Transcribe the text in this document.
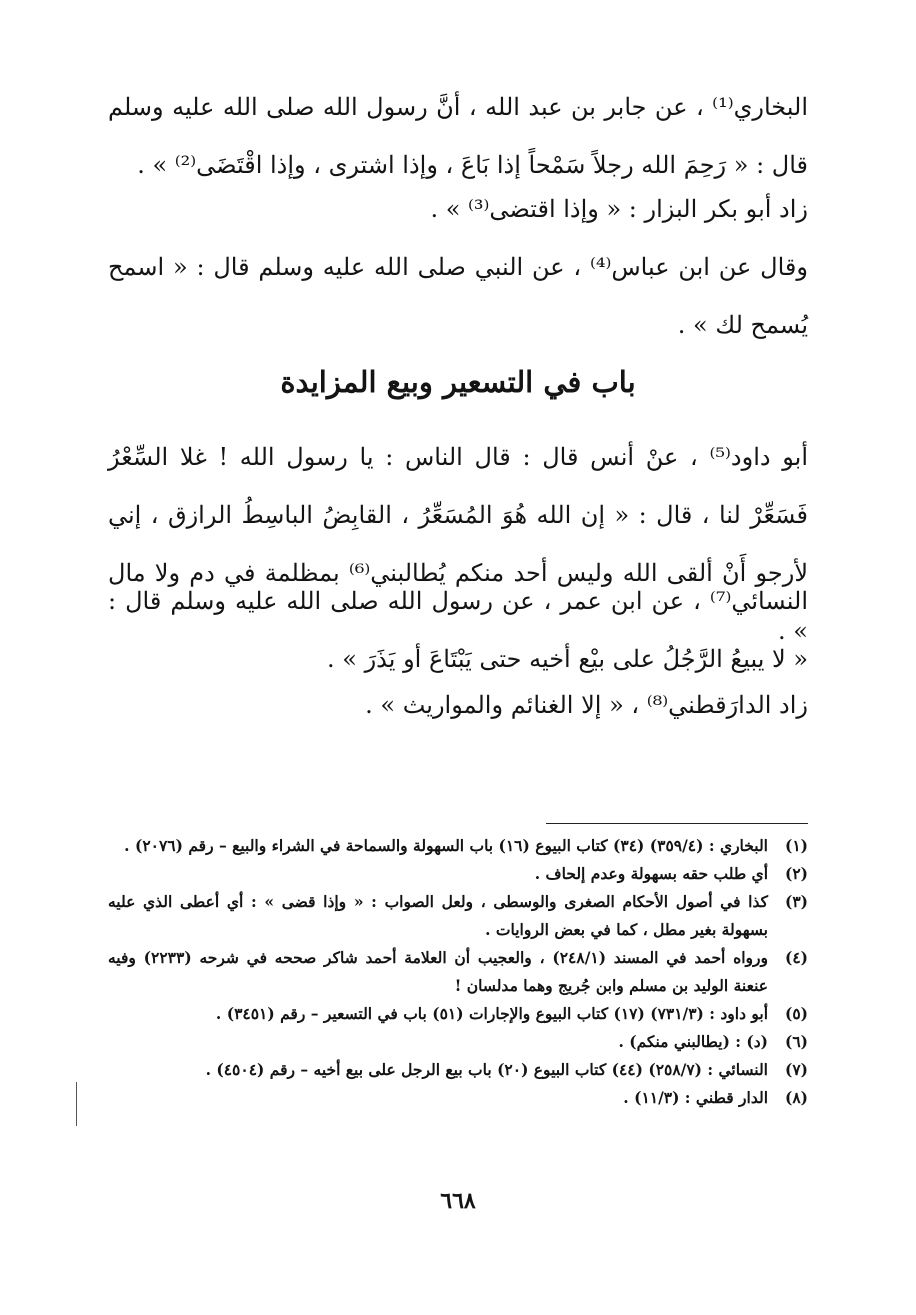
البخاري⁽¹⁾ ، عن جابر بن عبد الله ، أنَّ رسول الله صلى الله عليه وسلم قال : « رَحِمَ الله رجلاً سَمْحاً إذا بَاعَ ، وإذا اشترى ، وإذا اقْتَضَى⁽²⁾ » .

زاد أبو بكر البزار : « وإذا اقتضى⁽³⁾ » .

وقال عن ابن عباس⁽⁴⁾ ، عن النبي صلى الله عليه وسلم قال : « اسمح يُسمح لك » .

باب في التسعير وبيع المزايدة

أبو داود⁽⁵⁾ ، عنْ أنس قال : قال الناس : يا رسول الله ! غلا السِّعْرُ فَسَعِّرْ لنا ، قال : « إن الله هُوَ المُسَعِّرُ ، القابِضُ الباسِطُ الرازق ، إني لأرجو أَنْ ألقى الله وليس أحد منكم يُطالبني⁽⁶⁾ بمظلمة في دم ولا مال » .

النسائي⁽⁷⁾ ، عن ابن عمر ، عن رسول الله صلى الله عليه وسلم قال : « لا يبيعُ الرَّجُلُ على بيْع أخيه حتى يَبْتَاعَ أو يَذَرَ » .

زاد الدارَقطني⁽⁸⁾ ، « إلا الغنائم والمواريث » .

(١)
البخاري : (٣٥٩/٤) (٣٤) كتاب البيوع (١٦) باب السهولة والسماحة في الشراء والبيع – رقم (٢٠٧٦) .
(٢)
أي طلب حقه بسهولة وعدم إلحاف .
(٣)
كذا في أصول الأحكام الصغرى والوسطى ، ولعل الصواب : « وإذا قضى » : أي أعطى الذي عليه بسهولة بغير مطل ، كما في بعض الروايات .
(٤)
ورواه أحمد في المسند (٢٤٨/١) ، والعجيب أن العلامة أحمد شاكر صححه في شرحه (٢٢٣٣) وفيه عنعنة الوليد بن مسلم وابن جُريج وهما مدلسان !
(٥)
أبو داود : (٧٣١/٣) (١٧) كتاب البيوع والإجارات (٥١) باب في التسعير – رقم (٣٤٥١) .
(٦)
(د) : (يطالبني منكم) .
(٧)
النسائي : (٢٥٨/٧) (٤٤) كتاب البيوع (٢٠) باب بيع الرجل على بيع أخيه – رقم (٤٥٠٤) .
(٨)
الدار قطني : (١١/٣) .
٦٦٨
